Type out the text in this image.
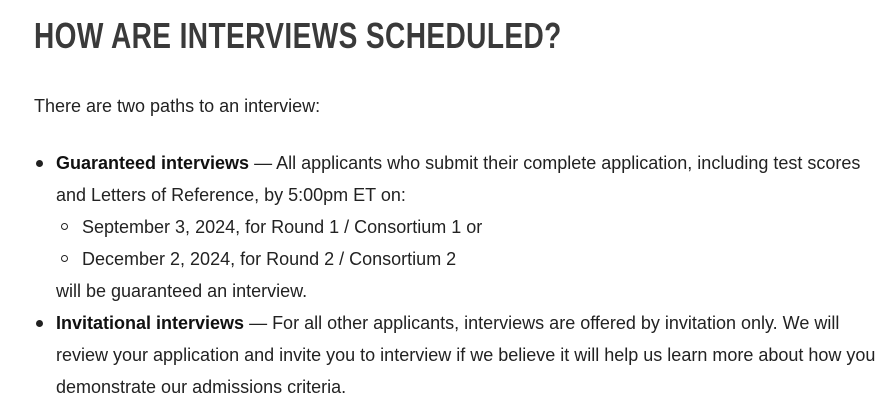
HOW ARE INTERVIEWS SCHEDULED?

There are two paths to an interview:

Guaranteed interviews — All applicants who submit their complete application, including test scores and Letters of Reference, by 5:00pm ET on:
September 3, 2024, for Round 1 / Consortium 1 or
December 2, 2024, for Round 2 / Consortium 2
will be guaranteed an interview.
Invitational interviews — For all other applicants, interviews are offered by invitation only. We will review your application and invite you to interview if we believe it will help us learn more about how you demonstrate our admissions criteria.
